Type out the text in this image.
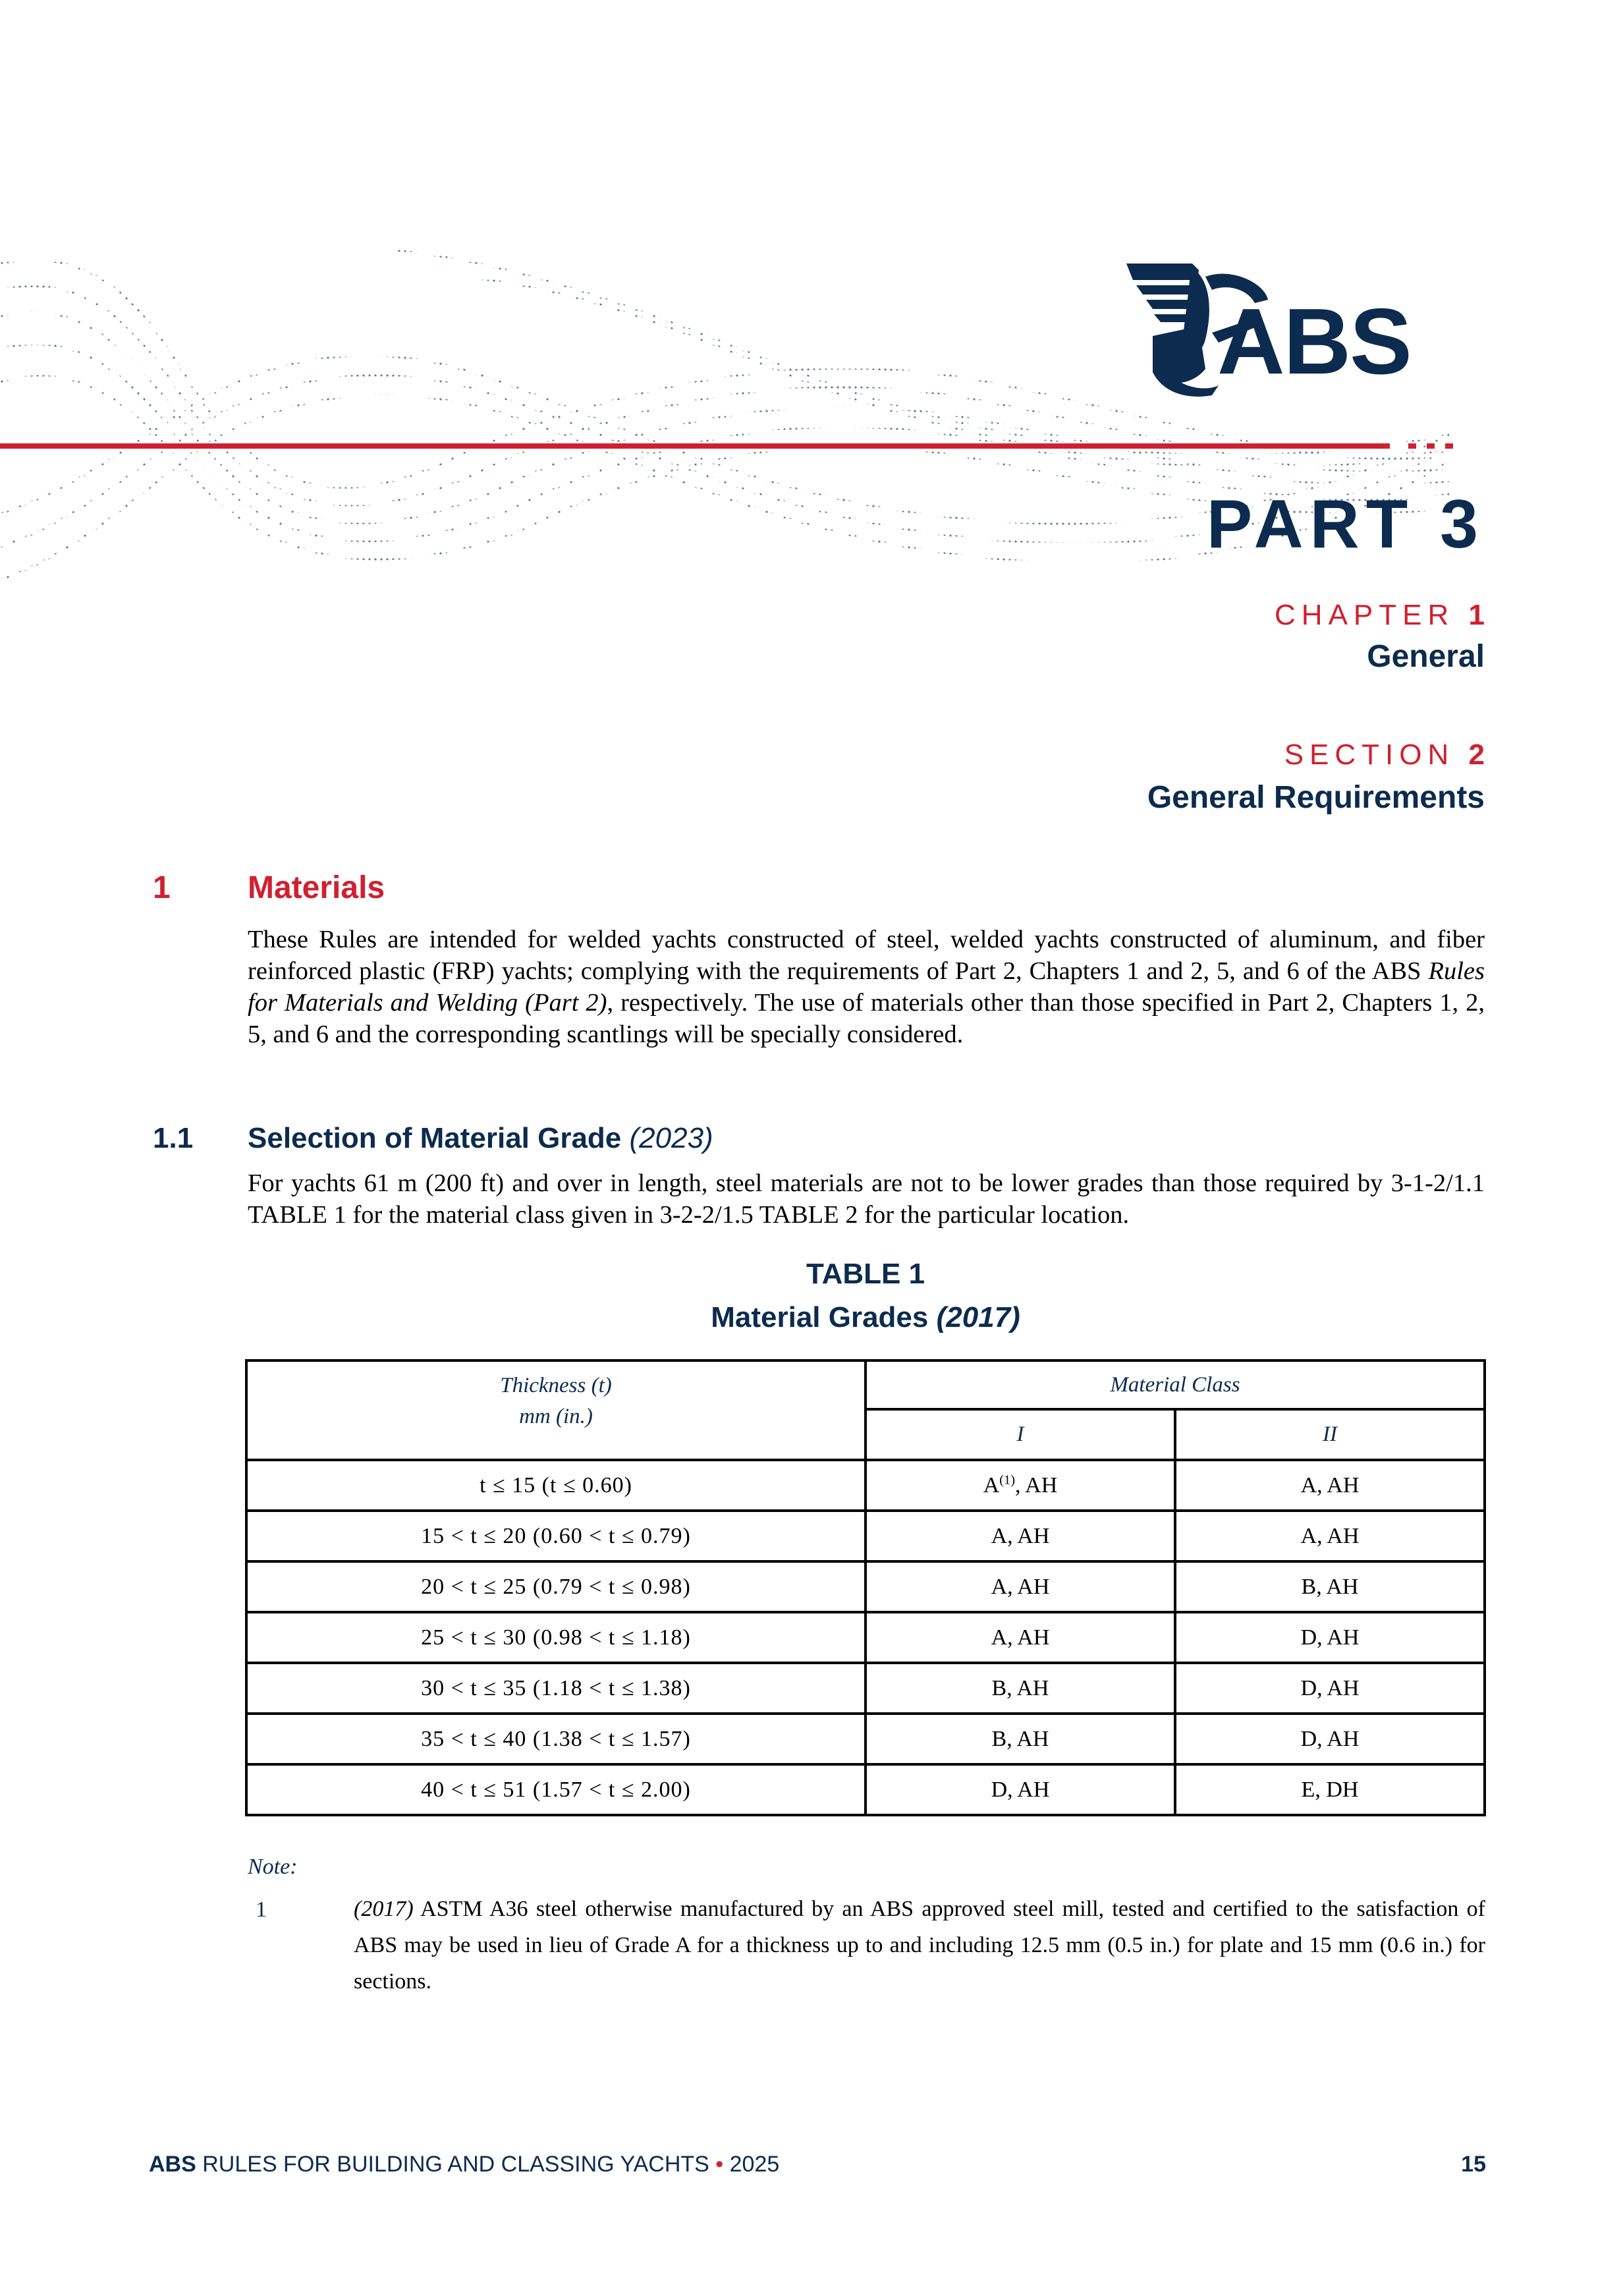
ABS
PART 3
CHAPTER 1
General
SECTION 2
General Requirements
1 Materials
These Rules are intended for welded yachts constructed of steel, welded yachts constructed of aluminum, and fiber reinforced plastic (FRP) yachts; complying with the requirements of Part 2, Chapters 1 and 2, 5, and 6 of the ABS Rules for Materials and Welding (Part 2), respectively. The use of materials other than those specified in Part 2, Chapters 1, 2, 5, and 6 and the corresponding scantlings will be specially considered.
1.1 Selection of Material Grade (2023)
For yachts 61 m (200 ft) and over in length, steel materials are not to be lower grades than those required by 3-1-2/1.1 TABLE 1 for the material class given in 3-2-2/1.5 TABLE 2 for the particular location.
TABLE 1
Material Grades (2017)
Thickness (t)
mm (in.)	Material Class	
	I	II
t ≤ 15 (t ≤ 0.60)	$A^{(1)}$, AH	A, AH
15 < t ≤ 20 (0.60 < t ≤ 0.79)	A, AH	A, AH
20 < t ≤ 25 (0.79 < t ≤ 0.98)	A, AH	B, AH
25 < t ≤ 30 (0.98 < t ≤ 1.18)	A, AH	D, AH
30 < t ≤ 35 (1.18 < t ≤ 1.38)	B, AH	D, AH
35 < t ≤ 40 (1.38 < t ≤ 1.57)	B, AH	D, AH
40 < t ≤ 51 (1.57 < t ≤ 2.00)	D, AH	E, DH
Note:
1	(2017) ASTM A36 steel otherwise manufactured by an ABS approved steel mill, tested and certified to the satisfaction of ABS may be used in lieu of Grade A for a thickness up to and including 12.5 mm (0.5 in.) for plate and 15 mm (0.6 in.) for sections.
ABS RULES FOR BUILDING AND CLASSING YACHTS • 2025	15
